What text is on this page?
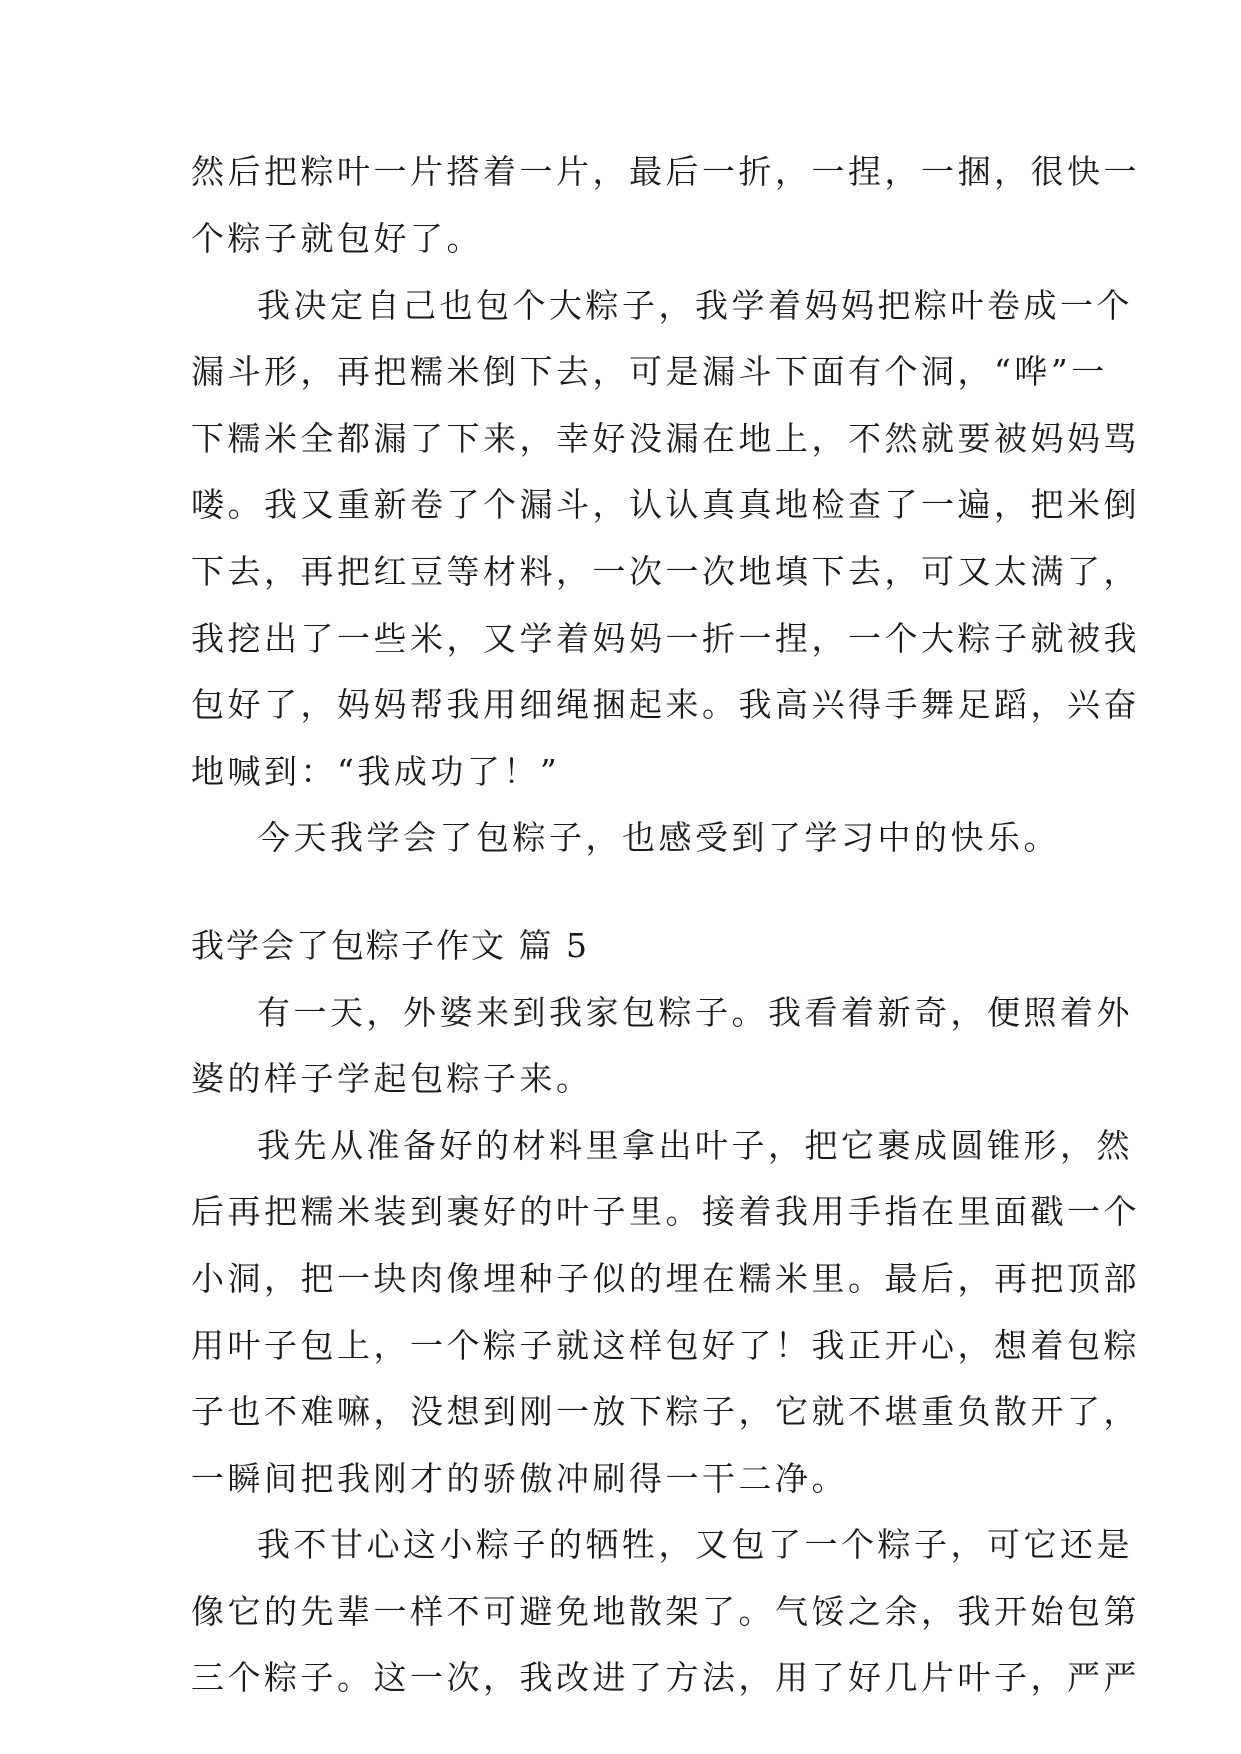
然后把粽叶一片搭着一片，最后一折，一捏，一捆，很快一
个粽子就包好了。
我决定自己也包个大粽子，我学着妈妈把粽叶卷成一个
漏斗形，再把糯米倒下去，可是漏斗下面有个洞，“哗”一
下糯米全都漏了下来，幸好没漏在地上，不然就要被妈妈骂
喽。我又重新卷了个漏斗，认认真真地检查了一遍，把米倒
下去，再把红豆等材料，一次一次地填下去，可又太满了，
我挖出了一些米，又学着妈妈一折一捏，一个大粽子就被我
包好了，妈妈帮我用细绳捆起来。我高兴得手舞足蹈，兴奋
地喊到：“我成功了！”
今天我学会了包粽子，也感受到了学习中的快乐。
我学会了包粽子作文 篇 5
有一天，外婆来到我家包粽子。我看着新奇，便照着外
婆的样子学起包粽子来。
我先从准备好的材料里拿出叶子，把它裹成圆锥形，然
后再把糯米装到裹好的叶子里。接着我用手指在里面戳一个
小洞，把一块肉像埋种子似的埋在糯米里。最后，再把顶部
用叶子包上，一个粽子就这样包好了！我正开心，想着包粽
子也不难嘛，没想到刚一放下粽子，它就不堪重负散开了，
一瞬间把我刚才的骄傲冲刷得一干二净。
我不甘心这小粽子的牺牲，又包了一个粽子，可它还是
像它的先辈一样不可避免地散架了。气馁之余，我开始包第
三个粽子。这一次，我改进了方法，用了好几片叶子，严严
